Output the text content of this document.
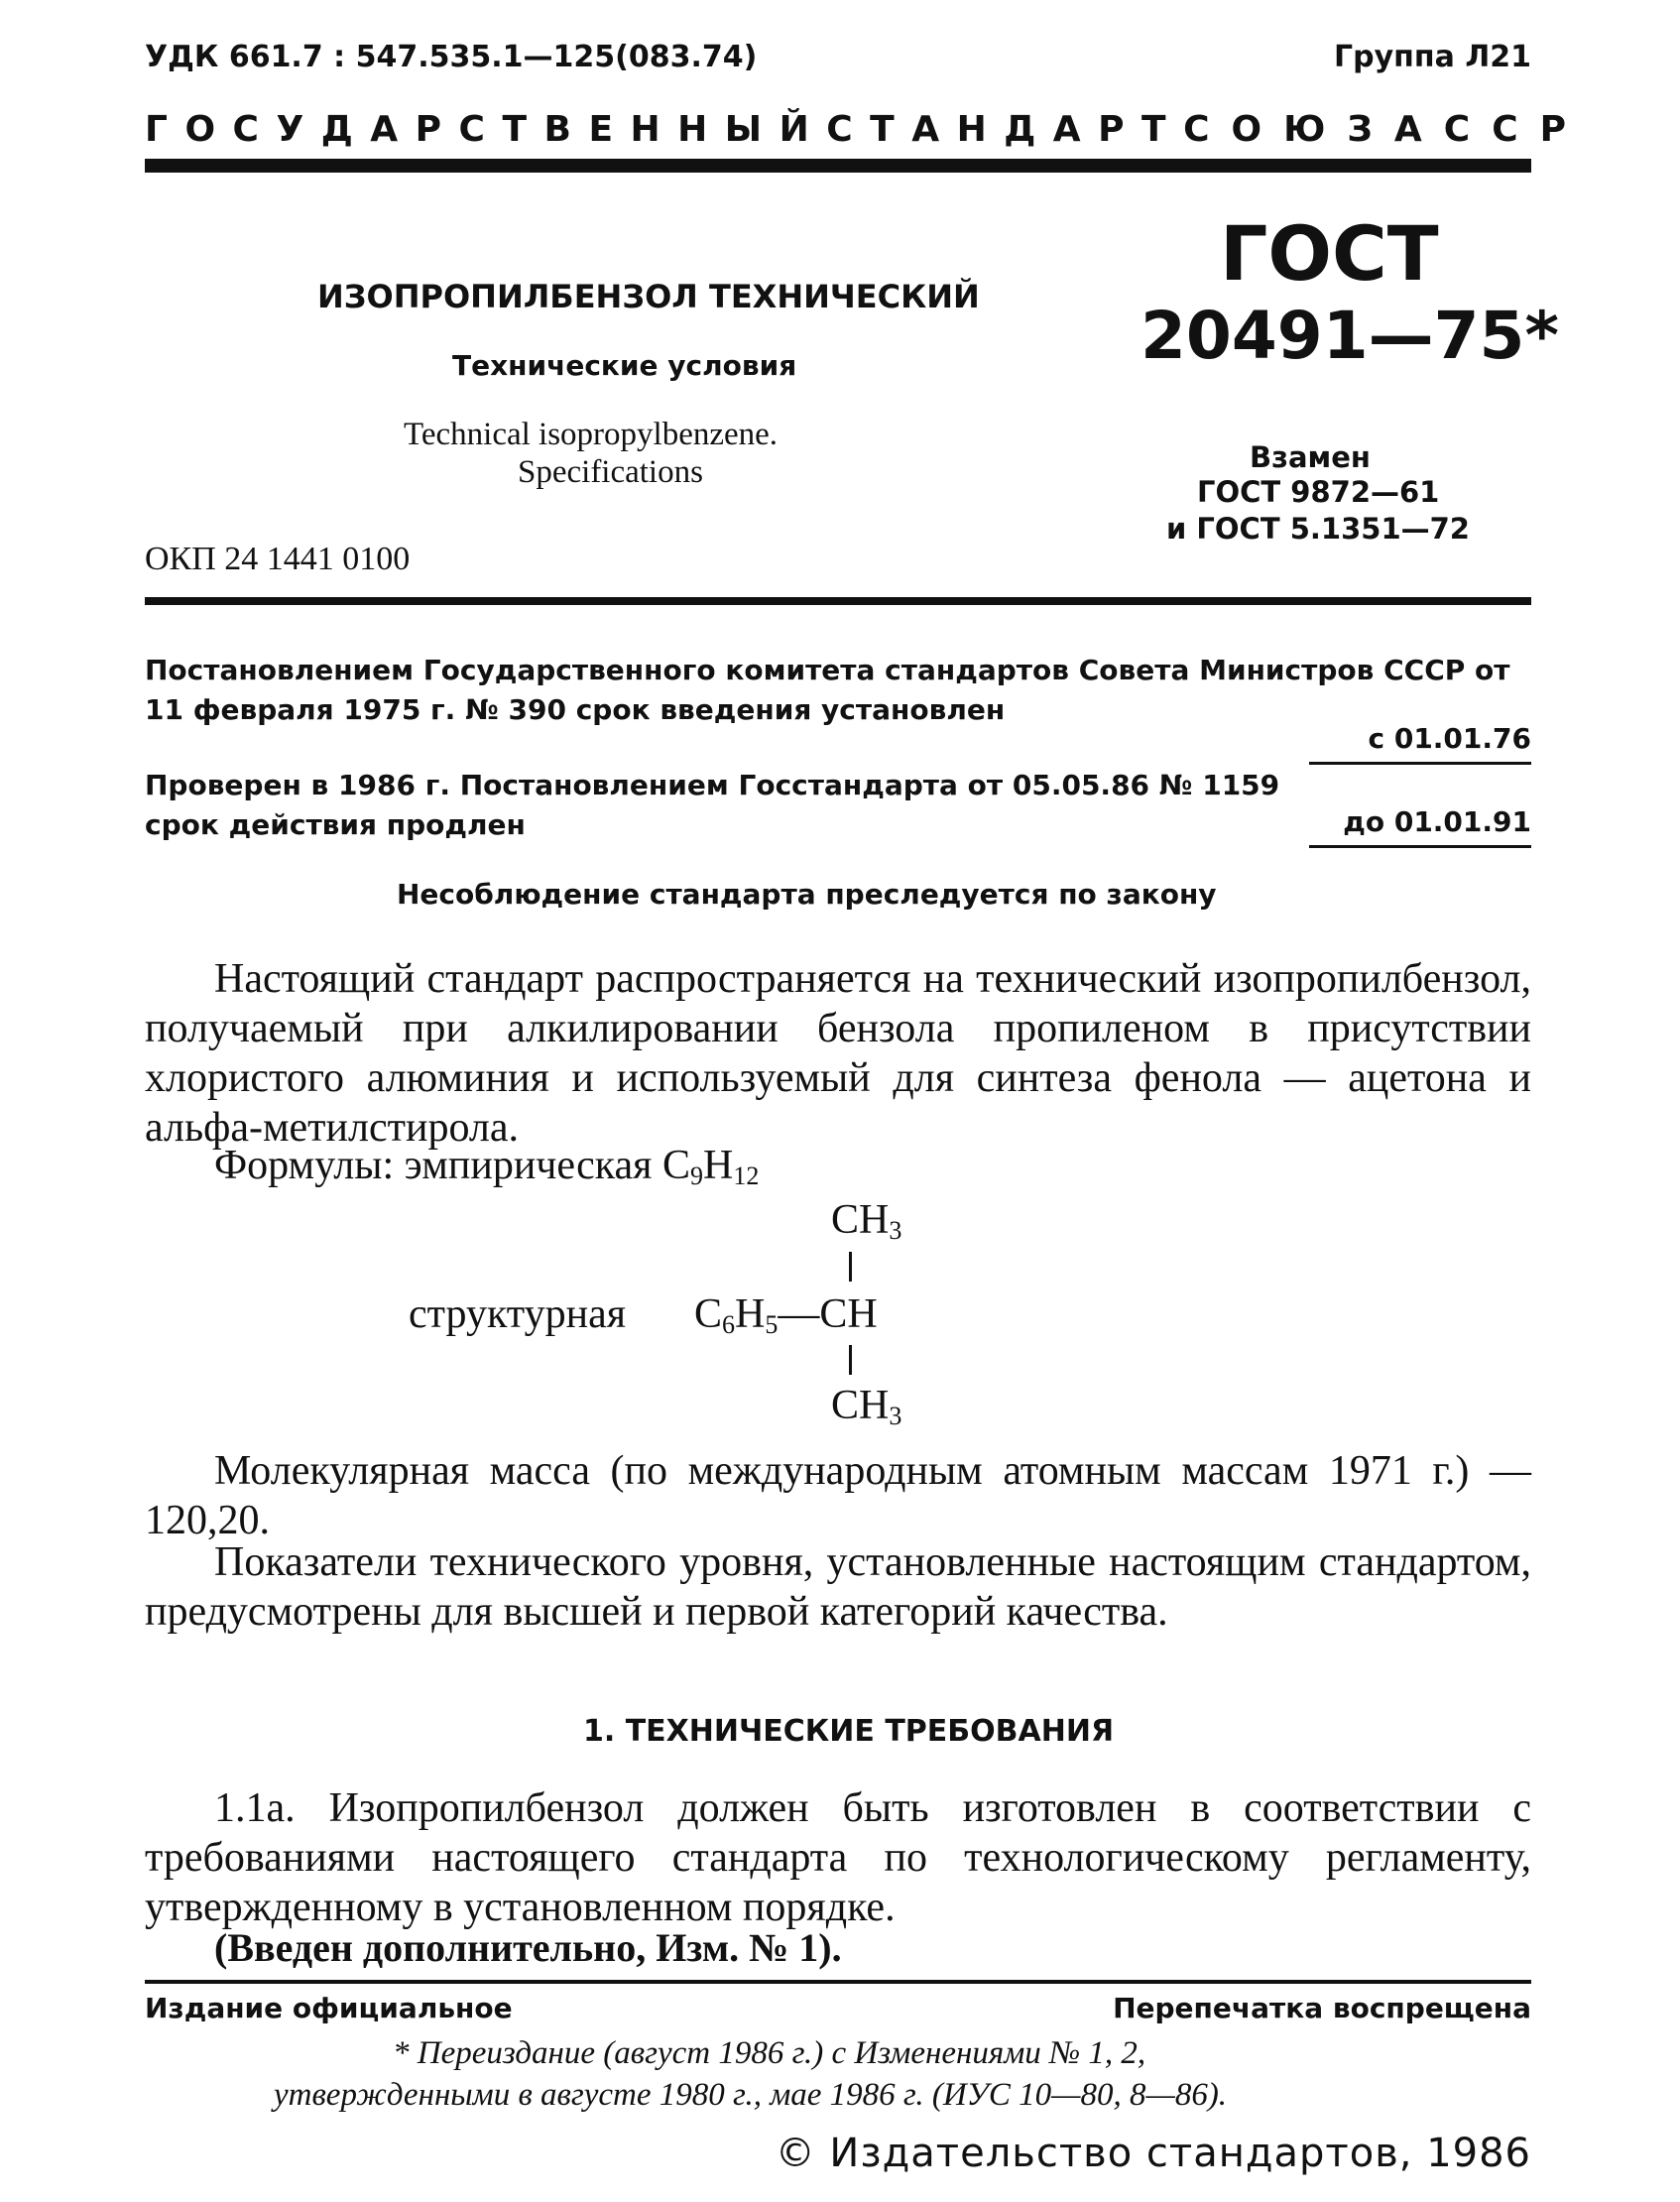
УДК 661.7 : 547.535.1—125(083.74)	Группа Л21
ГОСУДАРСТВЕННЫЙ СТАНДАРТ СОЮЗА ССР
ИЗОПРОПИЛБЕНЗОЛ ТЕХНИЧЕСКИЙ
Технические условия
Technical isopropylbenzene.
Specifications
ОКП 24 1441 0100
ГОСТ
20491—75*
Взамен
ГОСТ 9872—61
и ГОСТ 5.1351—72
Постановлением Государственного комитета стандартов Совета Министров СССР от 11 февраля 1975 г. № 390 срок введения установлен
с 01.01.76
Проверен в 1986 г. Постановлением Госстандарта от 05.05.86 № 1159 срок действия продлен	до 01.01.91
Несоблюдение стандарта преследуется по закону
Настоящий стандарт распространяется на технический изопропилбензол, получаемый при алкилировании бензола пропиленом в присутствии хлористого алюминия и используемый для синтеза фенола — ацетона и альфа-метилстирола.
Формулы: эмпирическая $C_9H_{12}$
$CH_3$
структурная $C_6H_5—CH$
$CH_3$
Молекулярная масса (по международным атомным массам 1971 г.) — 120,20.
Показатели технического уровня, установленные настоящим стандартом, предусмотрены для высшей и первой категорий качества.
1. ТЕХНИЧЕСКИЕ ТРЕБОВАНИЯ
1.1а. Изопропилбензол должен быть изготовлен в соответствии с требованиями настоящего стандарта по технологическому регламенту, утвержденному в установленном порядке.
(Введен дополнительно, Изм. № 1).
Издание официальное	Перепечатка воспрещена
* Переиздание (август 1986 г.) с Изменениями № 1, 2,
утвержденными в августе 1980 г., мае 1986 г. (ИУС 10—80, 8—86).
© Издательство стандартов, 1986
